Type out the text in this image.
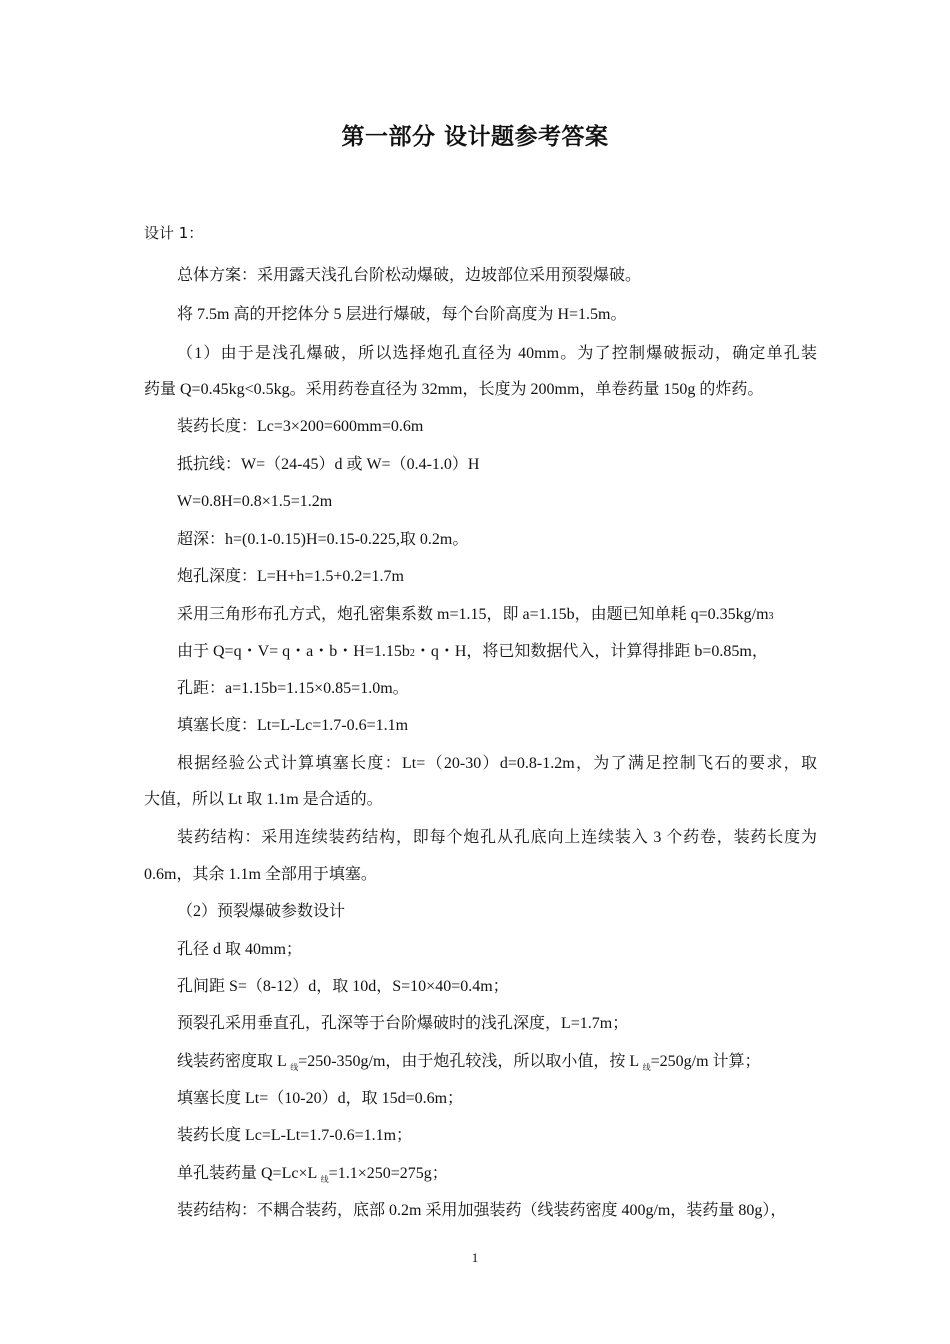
第一部分 设计题参考答案
设计 1：
总体方案：采用露天浅孔台阶松动爆破，边坡部位采用预裂爆破。
将 7.5m 高的开挖体分 5 层进行爆破，每个台阶高度为 H=1.5m。
（1）由于是浅孔爆破，所以选择炮孔直径为 40mm。为了控制爆破振动，确定单孔装
药量 Q=0.45kg<0.5kg。采用药卷直径为 32mm，长度为 200mm，单卷药量 150g 的炸药。
装药长度：Lc=3×200=600mm=0.6m
抵抗线：W=（24-45）d 或 W=（0.4-1.0）H
W=0.8H=0.8×1.5=1.2m
超深：h=(0.1-0.15)H=0.15-0.225,取 0.2m。
炮孔深度：L=H+h=1.5+0.2=1.7m
采用三角形布孔方式，炮孔密集系数 m=1.15，即 a=1.15b，由题已知单耗 q=0.35kg/m3
由于 Q=q・V= q・a・b・H=1.15b2・q・H，将已知数据代入，计算得排距 b=0.85m，
孔距：a=1.15b=1.15×0.85=1.0m。
填塞长度：Lt=L-Lc=1.7-0.6=1.1m
根据经验公式计算填塞长度：Lt=（20-30）d=0.8-1.2m，为了满足控制飞石的要求，取
大值，所以 Lt 取 1.1m 是合适的。
装药结构：采用连续装药结构，即每个炮孔从孔底向上连续装入 3 个药卷，装药长度为
0.6m，其余 1.1m 全部用于填塞。
（2）预裂爆破参数设计
孔径 d 取 40mm；
孔间距 S=（8-12）d，取 10d，S=10×40=0.4m；
预裂孔采用垂直孔，孔深等于台阶爆破时的浅孔深度，L=1.7m；
线装药密度取 L $_线$=250-350g/m，由于炮孔较浅，所以取小值，按 L $_线$=250g/m 计算；
填塞长度 Lt=（10-20）d，取 15d=0.6m；
装药长度 Lc=L-Lt=1.7-0.6=1.1m；
单孔装药量 Q=Lc×L $_线$=1.1×250=275g；
装药结构：不耦合装药，底部 0.2m 采用加强装药（线装药密度 400g/m，装药量 80g），
1
